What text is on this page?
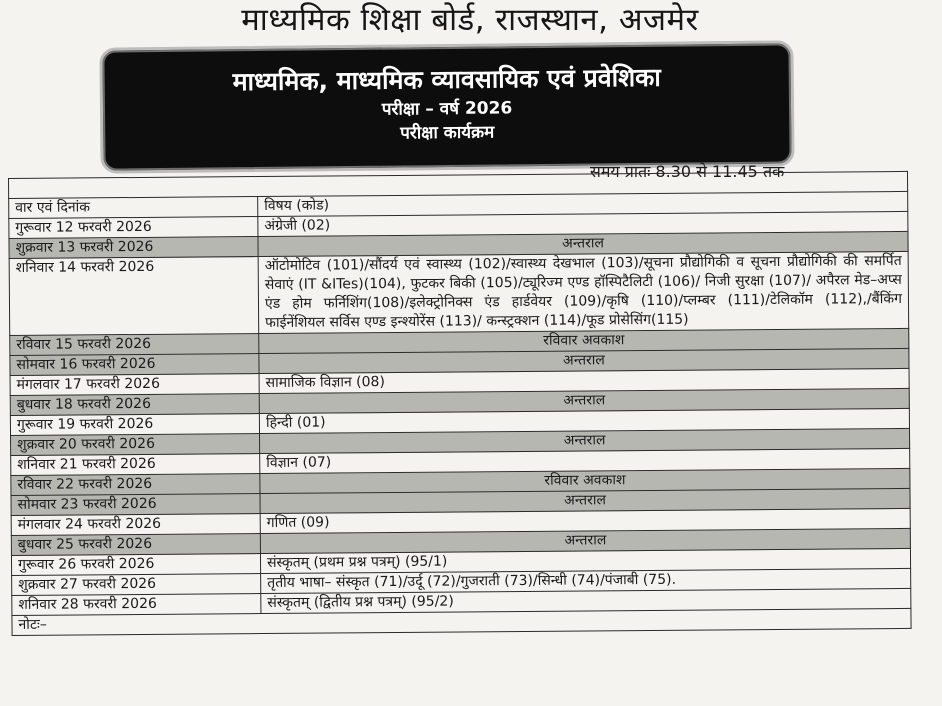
माध्यमिक शिक्षा बोर्ड, राजस्थान, अजमेर
माध्यमिक, माध्यमिक व्यावसायिक एवं प्रवेशिका
परीक्षा – वर्ष 2026
परीक्षा कार्यक्रम
समय प्रातः 8.30 से 11.45 तक

वार एवं दिनांक	विषय (कोड)
गुरूवार 12 फरवरी 2026	अंग्रेजी (02)
शुक्रवार 13 फरवरी 2026	अन्तराल
शनिवार 14 फरवरी 2026	ऑटोमोटिव (101)/सौंदर्य एवं स्वास्थ्य (102)/स्वास्थ्य देखभाल (103)/सूचना प्रौद्योगिकी व सूचना प्रौद्योगिकी की समर्पित सेवाएं (IT &ITes)(104), फुटकर बिकी (105)/ट्यूरिज्म एण्ड हॉस्पिटैलिटी (106)/ निजी सुरक्षा (107)/ अपैरल मेड–अप्स एंड होम फर्निशिंग(108)/इलेक्ट्रोनिक्स एंड हार्डवेयर (109)/कृषि (110)/प्लम्बर (111)/टेलिकॉम (112),/बैंकिंग फाईनेंशियल सर्विस एण्ड इन्श्योरेंस (113)/ कन्स्ट्रक्शन (114)/फूड प्रोसेसिंग(115)
रविवार 15 फरवरी 2026	रविवार अवकाश
सोमवार 16 फरवरी 2026	अन्तराल
मंगलवार 17 फरवरी 2026	सामाजिक विज्ञान (08)
बुधवार 18 फरवरी 2026	अन्तराल
गुरूवार 19 फरवरी 2026	हिन्दी (01)
शुक्रवार 20 फरवरी 2026	अन्तराल
शनिवार 21 फरवरी 2026	विज्ञान (07)
रविवार 22 फरवरी 2026	रविवार अवकाश
सोमवार 23 फरवरी 2026	अन्तराल
मंगलवार 24 फरवरी 2026	गणित (09)
बुधवार 25 फरवरी 2026	अन्तराल
गुरूवार 26 फरवरी 2026	संस्कृतम् (प्रथम प्रश्न पत्रम्) (95/1)
शुक्रवार 27 फरवरी 2026	तृतीय भाषा– संस्कृत (71)/उर्दू (72)/गुजराती (73)/सिन्धी (74)/पंजाबी (75).
शनिवार 28 फरवरी 2026	संस्कृतम् (द्वितीय प्रश्न पत्रम्) (95/2)
नोटः–	
